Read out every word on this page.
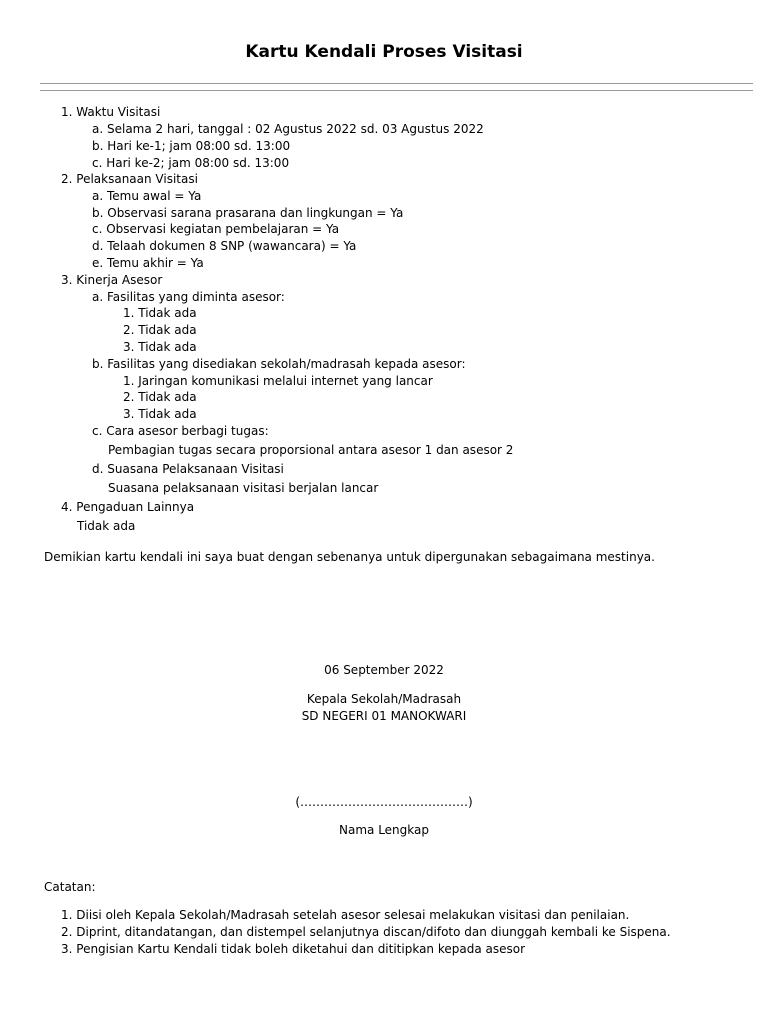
Kartu Kendali Proses Visitasi
1. Waktu Visitasi
a. Selama 2 hari, tanggal : 02 Agustus 2022 sd. 03 Agustus 2022
b. Hari ke-1; jam 08:00 sd. 13:00
c. Hari ke-2; jam 08:00 sd. 13:00
2. Pelaksanaan Visitasi
a. Temu awal = Ya
b. Observasi sarana prasarana dan lingkungan = Ya
c. Observasi kegiatan pembelajaran = Ya
d. Telaah dokumen 8 SNP (wawancara) = Ya
e. Temu akhir = Ya
3. Kinerja Asesor
a. Fasilitas yang diminta asesor:
1. Tidak ada
2. Tidak ada
3. Tidak ada
b. Fasilitas yang disediakan sekolah/madrasah kepada asesor:
1. Jaringan komunikasi melalui internet yang lancar
2. Tidak ada
3. Tidak ada
c. Cara asesor berbagi tugas:
Pembagian tugas secara proporsional antara asesor 1 dan asesor 2
d. Suasana Pelaksanaan Visitasi
Suasana pelaksanaan visitasi berjalan lancar
4. Pengaduan Lainnya
Tidak ada
Demikian kartu kendali ini saya buat dengan sebenanya untuk dipergunakan sebagaimana mestinya.
06 September 2022
Kepala Sekolah/Madrasah
SD NEGERI 01 MANOKWARI
(……………………………………)
Nama Lengkap
Catatan:
1. Diisi oleh Kepala Sekolah/Madrasah setelah asesor selesai melakukan visitasi dan penilaian.
2. Diprint, ditandatangan, dan distempel selanjutnya discan/difoto dan diunggah kembali ke Sispena.
3. Pengisian Kartu Kendali tidak boleh diketahui dan dititipkan kepada asesor
